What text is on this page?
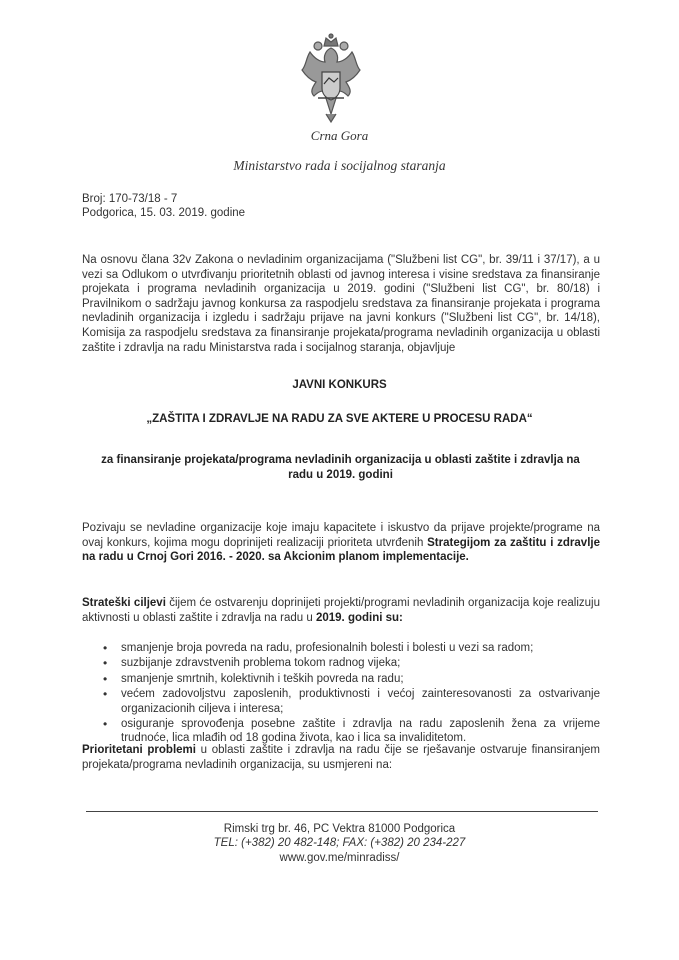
Crna Gora
Ministarstvo rada i socijalnog staranja
Broj: 170-73/18 - 7
Podgorica, 15. 03. 2019. godine
Na osnovu člana 32v Zakona o nevladinim organizacijama ("Službeni list CG", br. 39/11 i 37/17), a u vezi sa Odlukom o utvrđivanju prioritetnih oblasti od javnog interesa i visine sredstava za finansiranje projekata i programa nevladinih organizacija u 2019. godini ("Službeni list CG", br. 80/18) i Pravilnikom o sadržaju javnog konkursa za raspodjelu sredstava za finansiranje projekata i programa nevladinih organizacija i izgledu i sadržaju prijave na javni konkurs ("Službeni list CG", br. 14/18), Komisija za raspodjelu sredstava za finansiranje projekata/programa nevladinih organizacija u oblasti zaštite i zdravlja na radu Ministarstva rada i socijalnog staranja, objavljuje
JAVNI KONKURS
„ZAŠTITA I ZDRAVLJE NA RADU ZA SVE AKTERE U PROCESU RADA“
za finansiranje projekata/programa nevladinih organizacija u oblasti zaštite i zdravlja na radu u 2019. godini
Pozivaju se nevladine organizacije koje imaju kapacitete i iskustvo da prijave projekte/programe na ovaj konkurs, kojima mogu doprinijeti realizaciji prioriteta utvrđenih Strategijom za zaštitu i zdravlje na radu u Crnoj Gori 2016. - 2020. sa Akcionim planom implementacije.
Strateški ciljevi čijem će ostvarenju doprinijeti projekti/programi nevladinih organizacija koje realizuju aktivnosti u oblasti zaštite i zdravlja na radu u 2019. godini su:
• smanjenje broja povreda na radu, profesionalnih bolesti i bolesti u vezi sa radom;
• suzbijanje zdravstvenih problema tokom radnog vijeka;
• smanjenje smrtnih, kolektivnih i teških povreda na radu;
• većem zadovoljstvu zaposlenih, produktivnosti i većoj zainteresovanosti za ostvarivanje organizacionih ciljeva i interesa;
• osiguranje sprovođenja posebne zaštite i zdravlja na radu zaposlenih žena za vrijeme trudnoće, lica mlađih od 18 godina života, kao i lica sa invaliditetom.
Prioritetani problemi u oblasti zaštite i zdravlja na radu čije se rješavanje ostvaruje finansiranjem projekata/programa nevladinih organizacija, su usmjereni na:
Rimski trg br. 46, PC Vektra 81000 Podgorica
TEL: (+382) 20 482-148; FAX: (+382) 20 234-227
www.gov.me/minradiss/
